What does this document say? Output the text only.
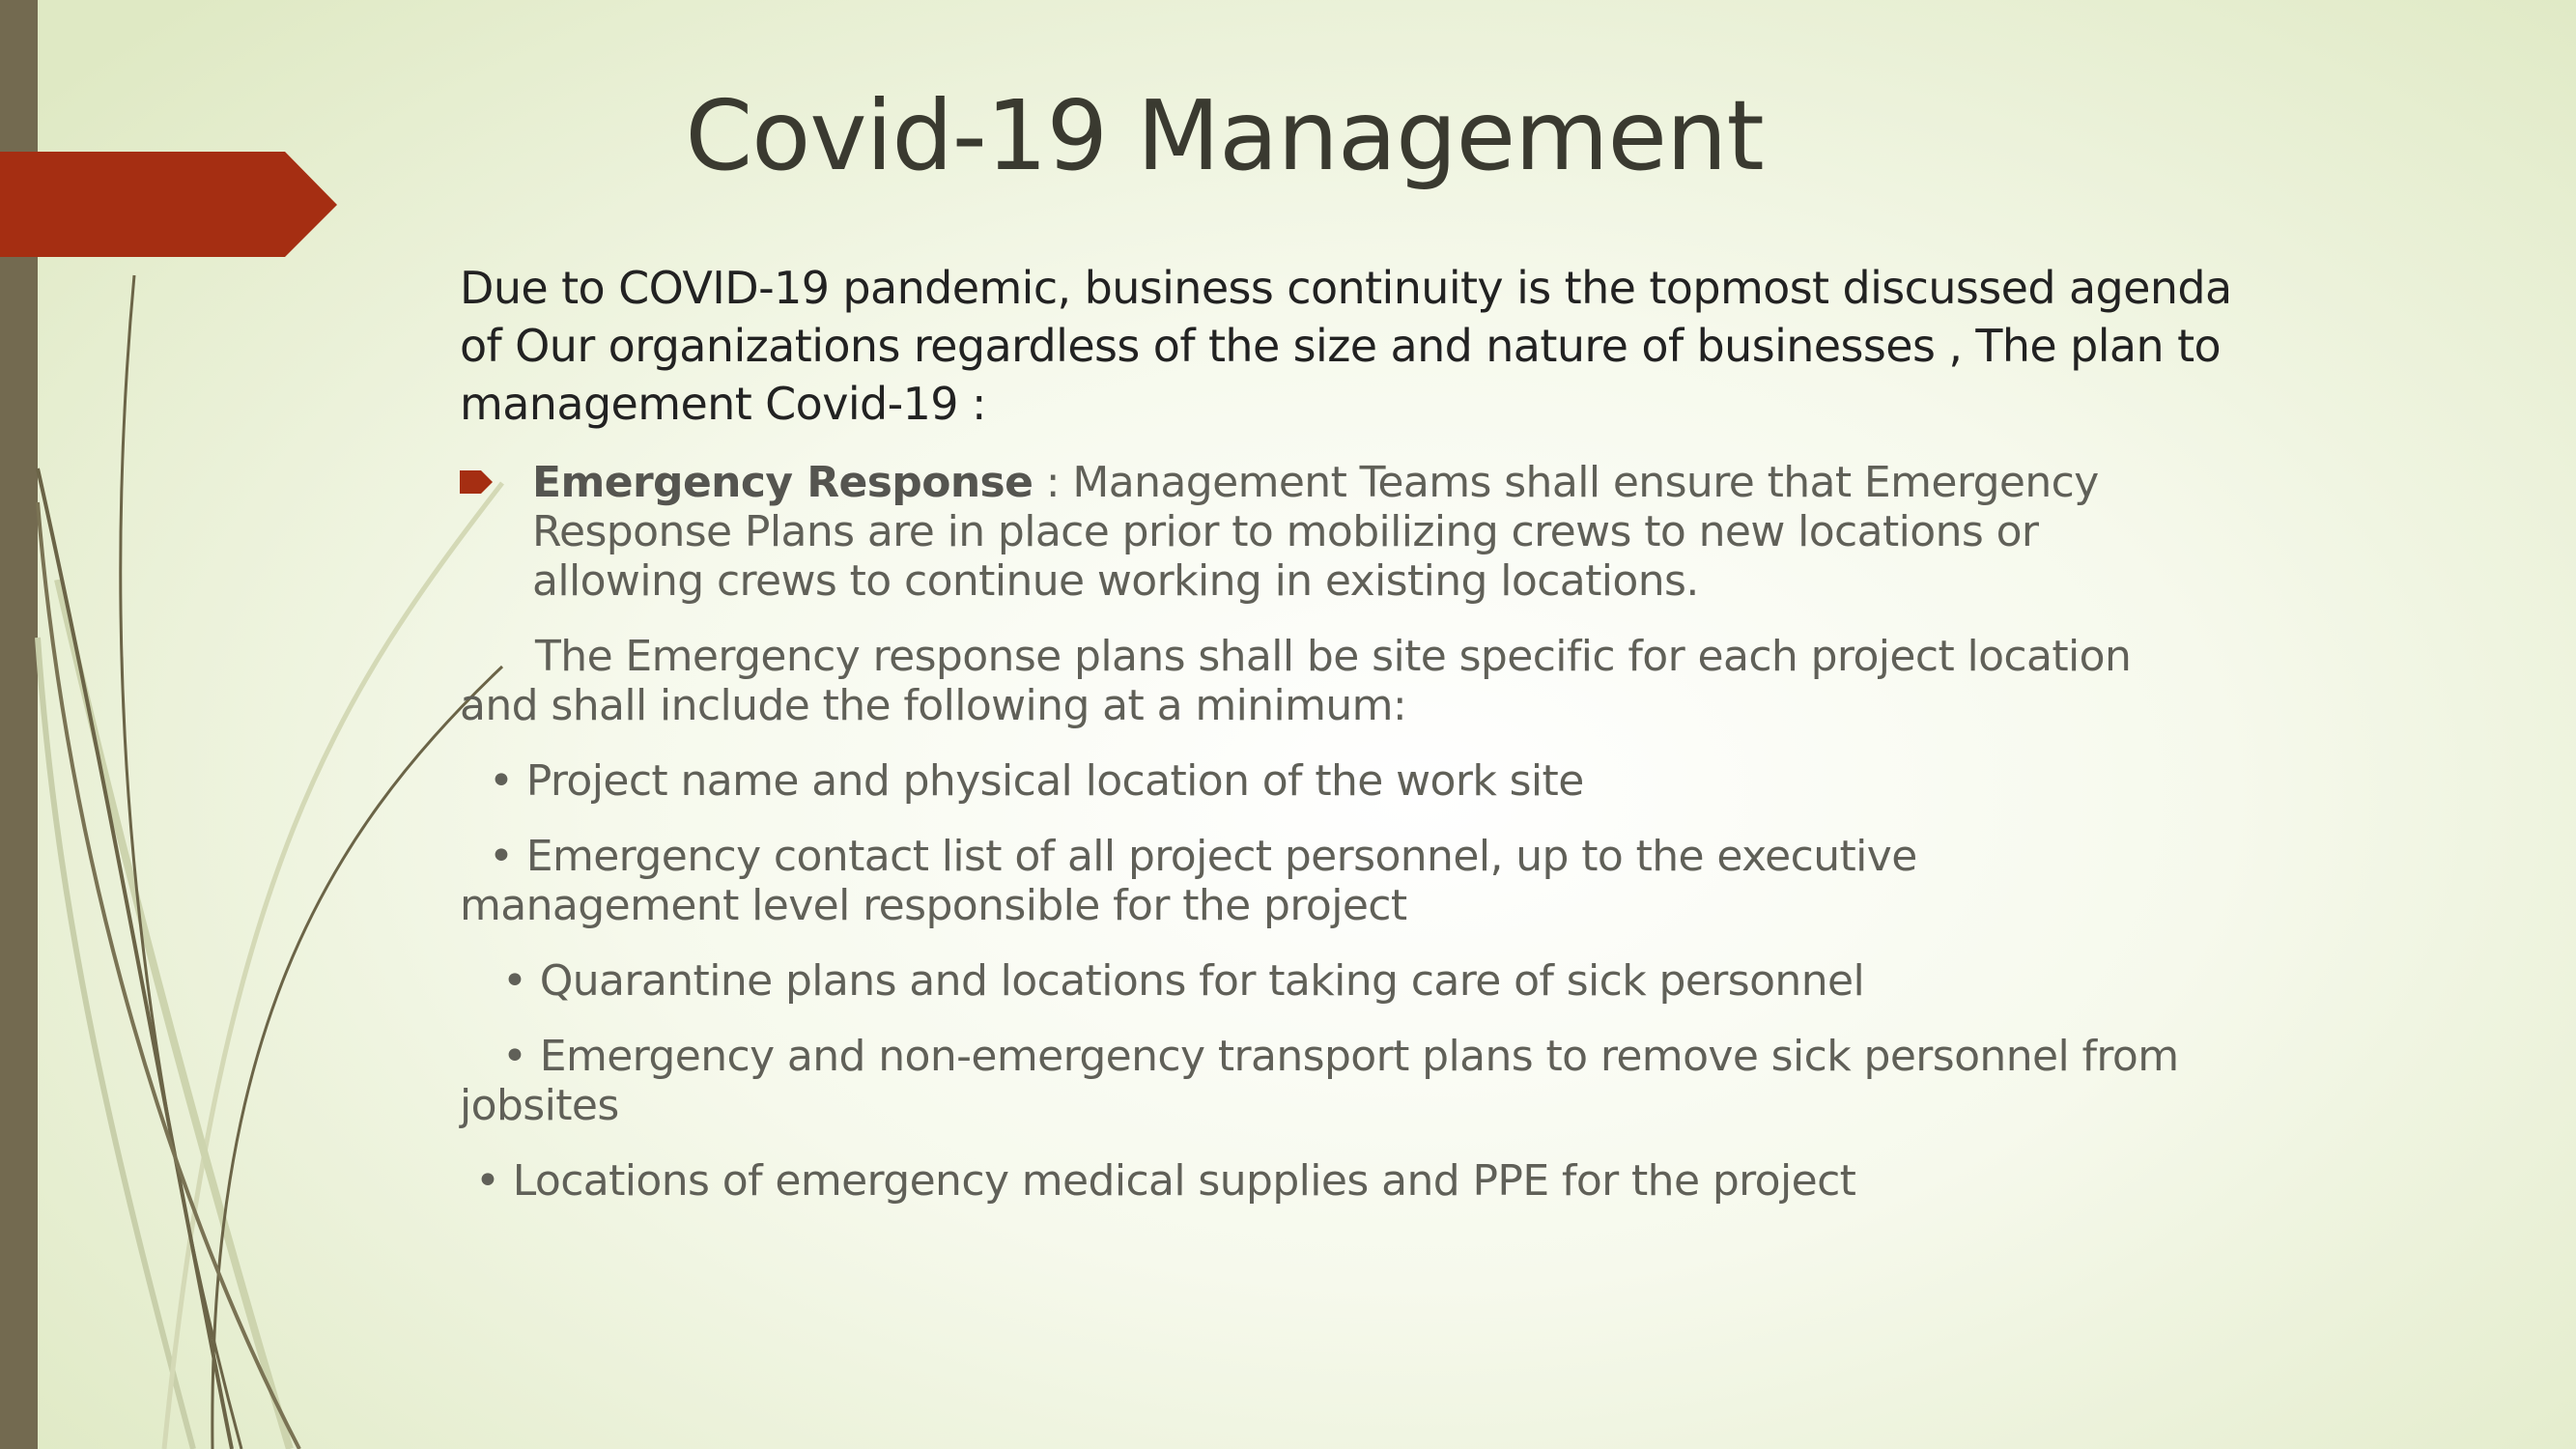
Covid-19 Management
Due to COVID-19 pandemic, business continuity is the topmost discussed agenda
of Our organizations regardless of the size and nature of businesses , The plan to
management Covid-19 :
Emergency Response : Management Teams shall ensure that Emergency
Response Plans are in place prior to mobilizing crews to new locations or
allowing crews to continue working in existing locations.
The Emergency response plans shall be site specific for each project location
and shall include the following at a minimum:
• Project name and physical location of the work site
• Emergency contact list of all project personnel, up to the executive
management level responsible for the project
• Quarantine plans and locations for taking care of sick personnel
• Emergency and non-emergency transport plans to remove sick personnel from
jobsites
• Locations of emergency medical supplies and PPE for the project
